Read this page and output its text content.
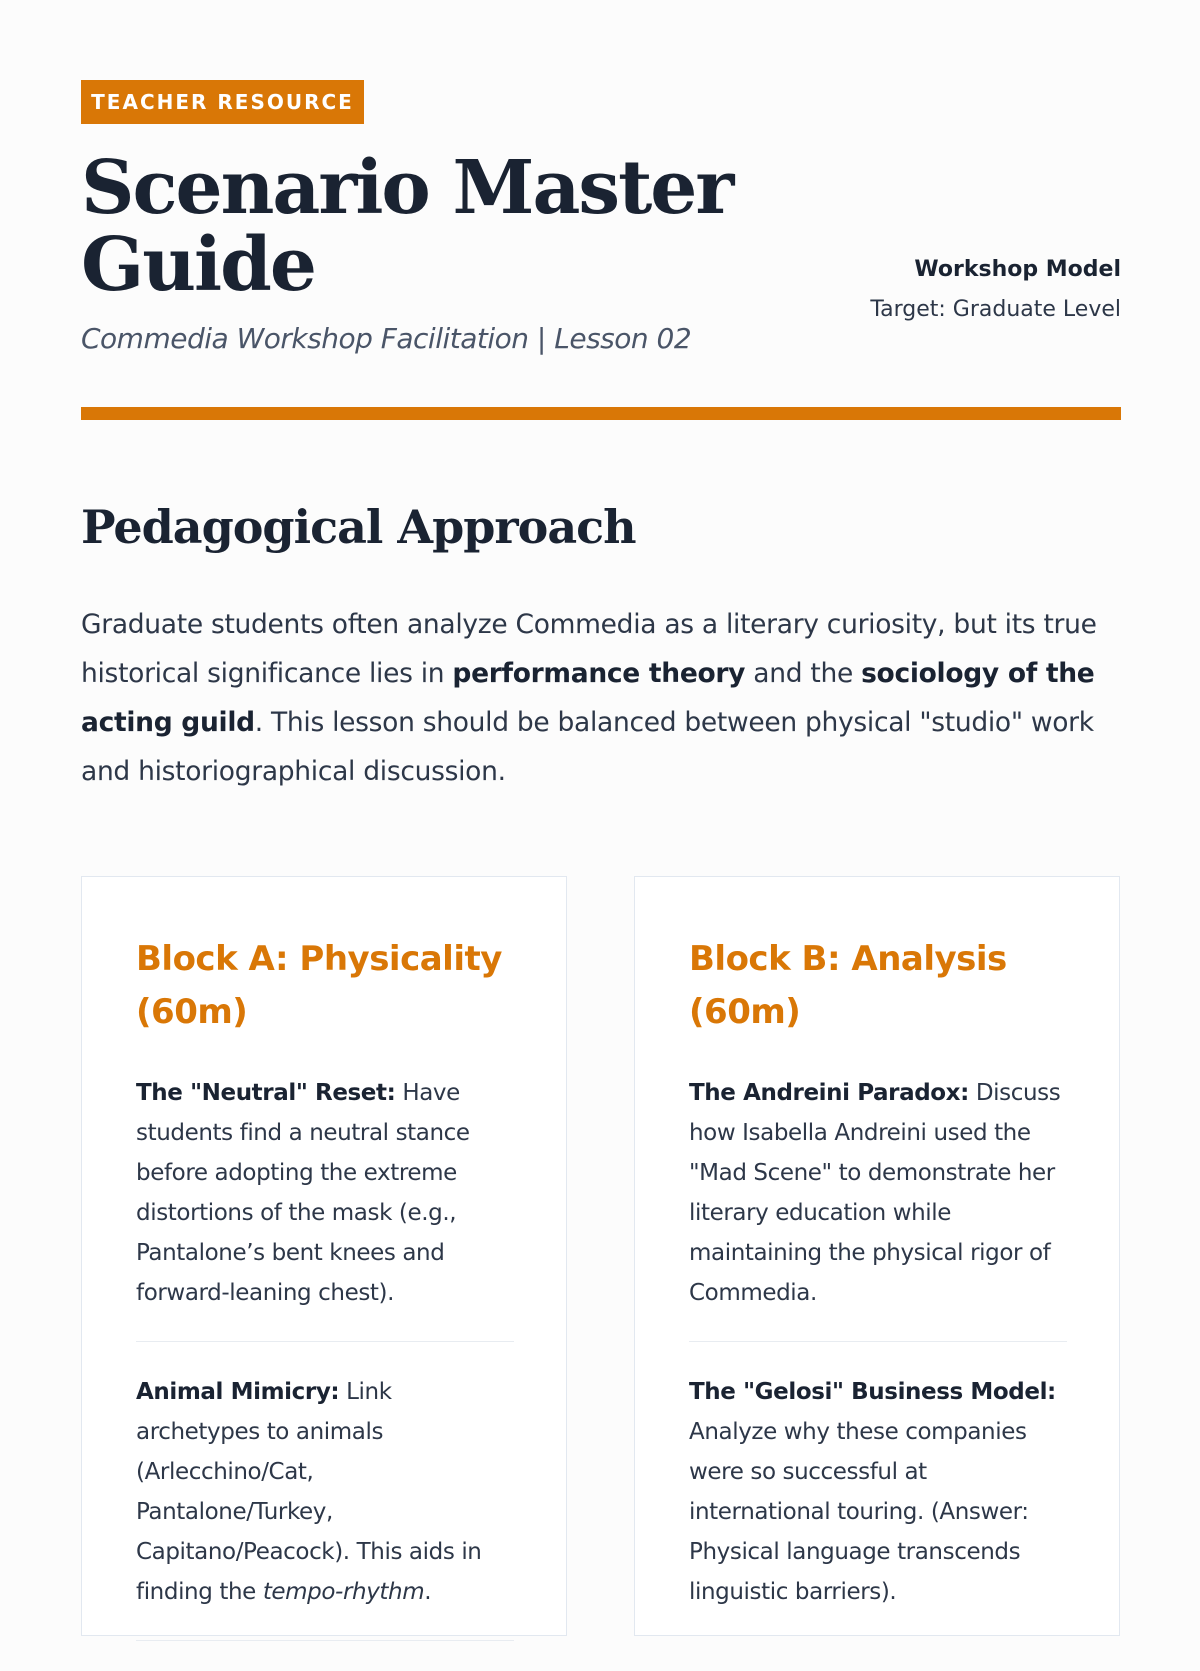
TEACHER RESOURCE
Scenario Master Guide
Commedia Workshop Facilitation | Lesson 02
Workshop Model
Target: Graduate Level
Pedagogical Approach

Graduate students often analyze Commedia as a literary curiosity, but its true historical significance lies in performance theory and the sociology of the acting guild. This lesson should be balanced between physical "studio" work and historiographical discussion.

Block A: Physicality (60m)

The "Neutral" Reset: Have students find a neutral stance before adopting the extreme distortions of the mask (e.g., Pantalone’s bent knees and forward-leaning chest).

Animal Mimicry: Link archetypes to animals (Arlecchino/Cat, Pantalone/Turkey, Capitano/Peacock). This aids in finding the tempo-rhythm.

Block B: Analysis (60m)

The Andreini Paradox: Discuss how Isabella Andreini used the "Mad Scene" to demonstrate her literary education while maintaining the physical rigor of Commedia.

The "Gelosi" Business Model: Analyze why these companies were so successful at international touring. (Answer: Physical language transcends linguistic barriers).
